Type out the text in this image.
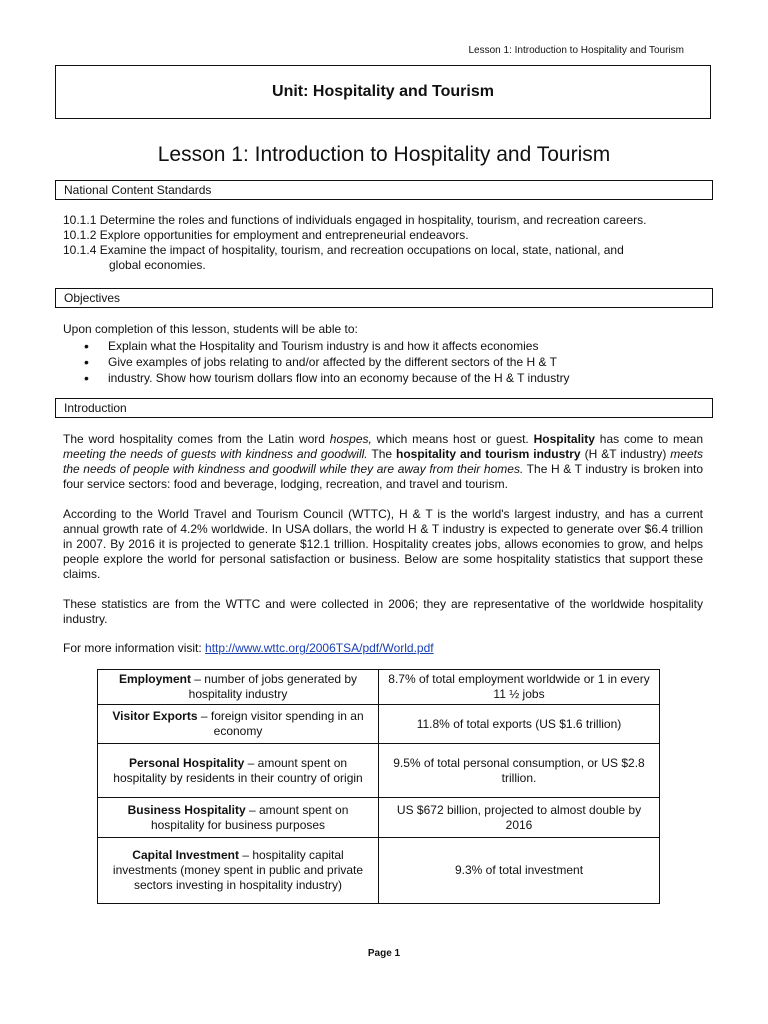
Lesson 1: Introduction to Hospitality and Tourism
Unit: Hospitality and Tourism
Lesson 1: Introduction to Hospitality and Tourism
National Content Standards
10.1.1 Determine the roles and functions of individuals engaged in hospitality, tourism, and recreation careers.
10.1.2 Explore opportunities for employment and entrepreneurial endeavors.
10.1.4 Examine the impact of hospitality, tourism, and recreation occupations on local, state, national, and
global economies.
Objectives
Upon completion of this lesson, students will be able to:
• Explain what the Hospitality and Tourism industry is and how it affects economies
• Give examples of jobs relating to and/or affected by the different sectors of the H & T
• industry. Show how tourism dollars flow into an economy because of the H & T industry
Introduction
The word hospitality comes from the Latin word hospes, which means host or guest. Hospitality has come to mean meeting the needs of guests with kindness and goodwill. The hospitality and tourism industry (H &T industry) meets the needs of people with kindness and goodwill while they are away from their homes. The H & T industry is broken into four service sectors: food and beverage, lodging, recreation, and travel and tourism.
According to the World Travel and Tourism Council (WTTC), H & T is the world's largest industry, and has a current annual growth rate of 4.2% worldwide. In USA dollars, the world H & T industry is expected to generate over $6.4 trillion in 2007. By 2016 it is projected to generate $12.1 trillion. Hospitality creates jobs, allows economies to grow, and helps people explore the world for personal satisfaction or business. Below are some hospitality statistics that support these claims.
These statistics are from the WTTC and were collected in 2006; they are representative of the worldwide hospitality industry.
For more information visit: http://www.wttc.org/2006TSA/pdf/World.pdf
Employment – number of jobs generated by hospitality industry	8.7% of total employment worldwide or 1 in every 11 ½ jobs
Visitor Exports – foreign visitor spending in an economy	11.8% of total exports (US $1.6 trillion)
Personal Hospitality – amount spent on hospitality by residents in their country of origin	9.5% of total personal consumption, or US $2.8 trillion.
Business Hospitality – amount spent on hospitality for business purposes	US $672 billion, projected to almost double by 2016
Capital Investment – hospitality capital investments (money spent in public and private sectors investing in hospitality industry)	9.3% of total investment
Page 1
